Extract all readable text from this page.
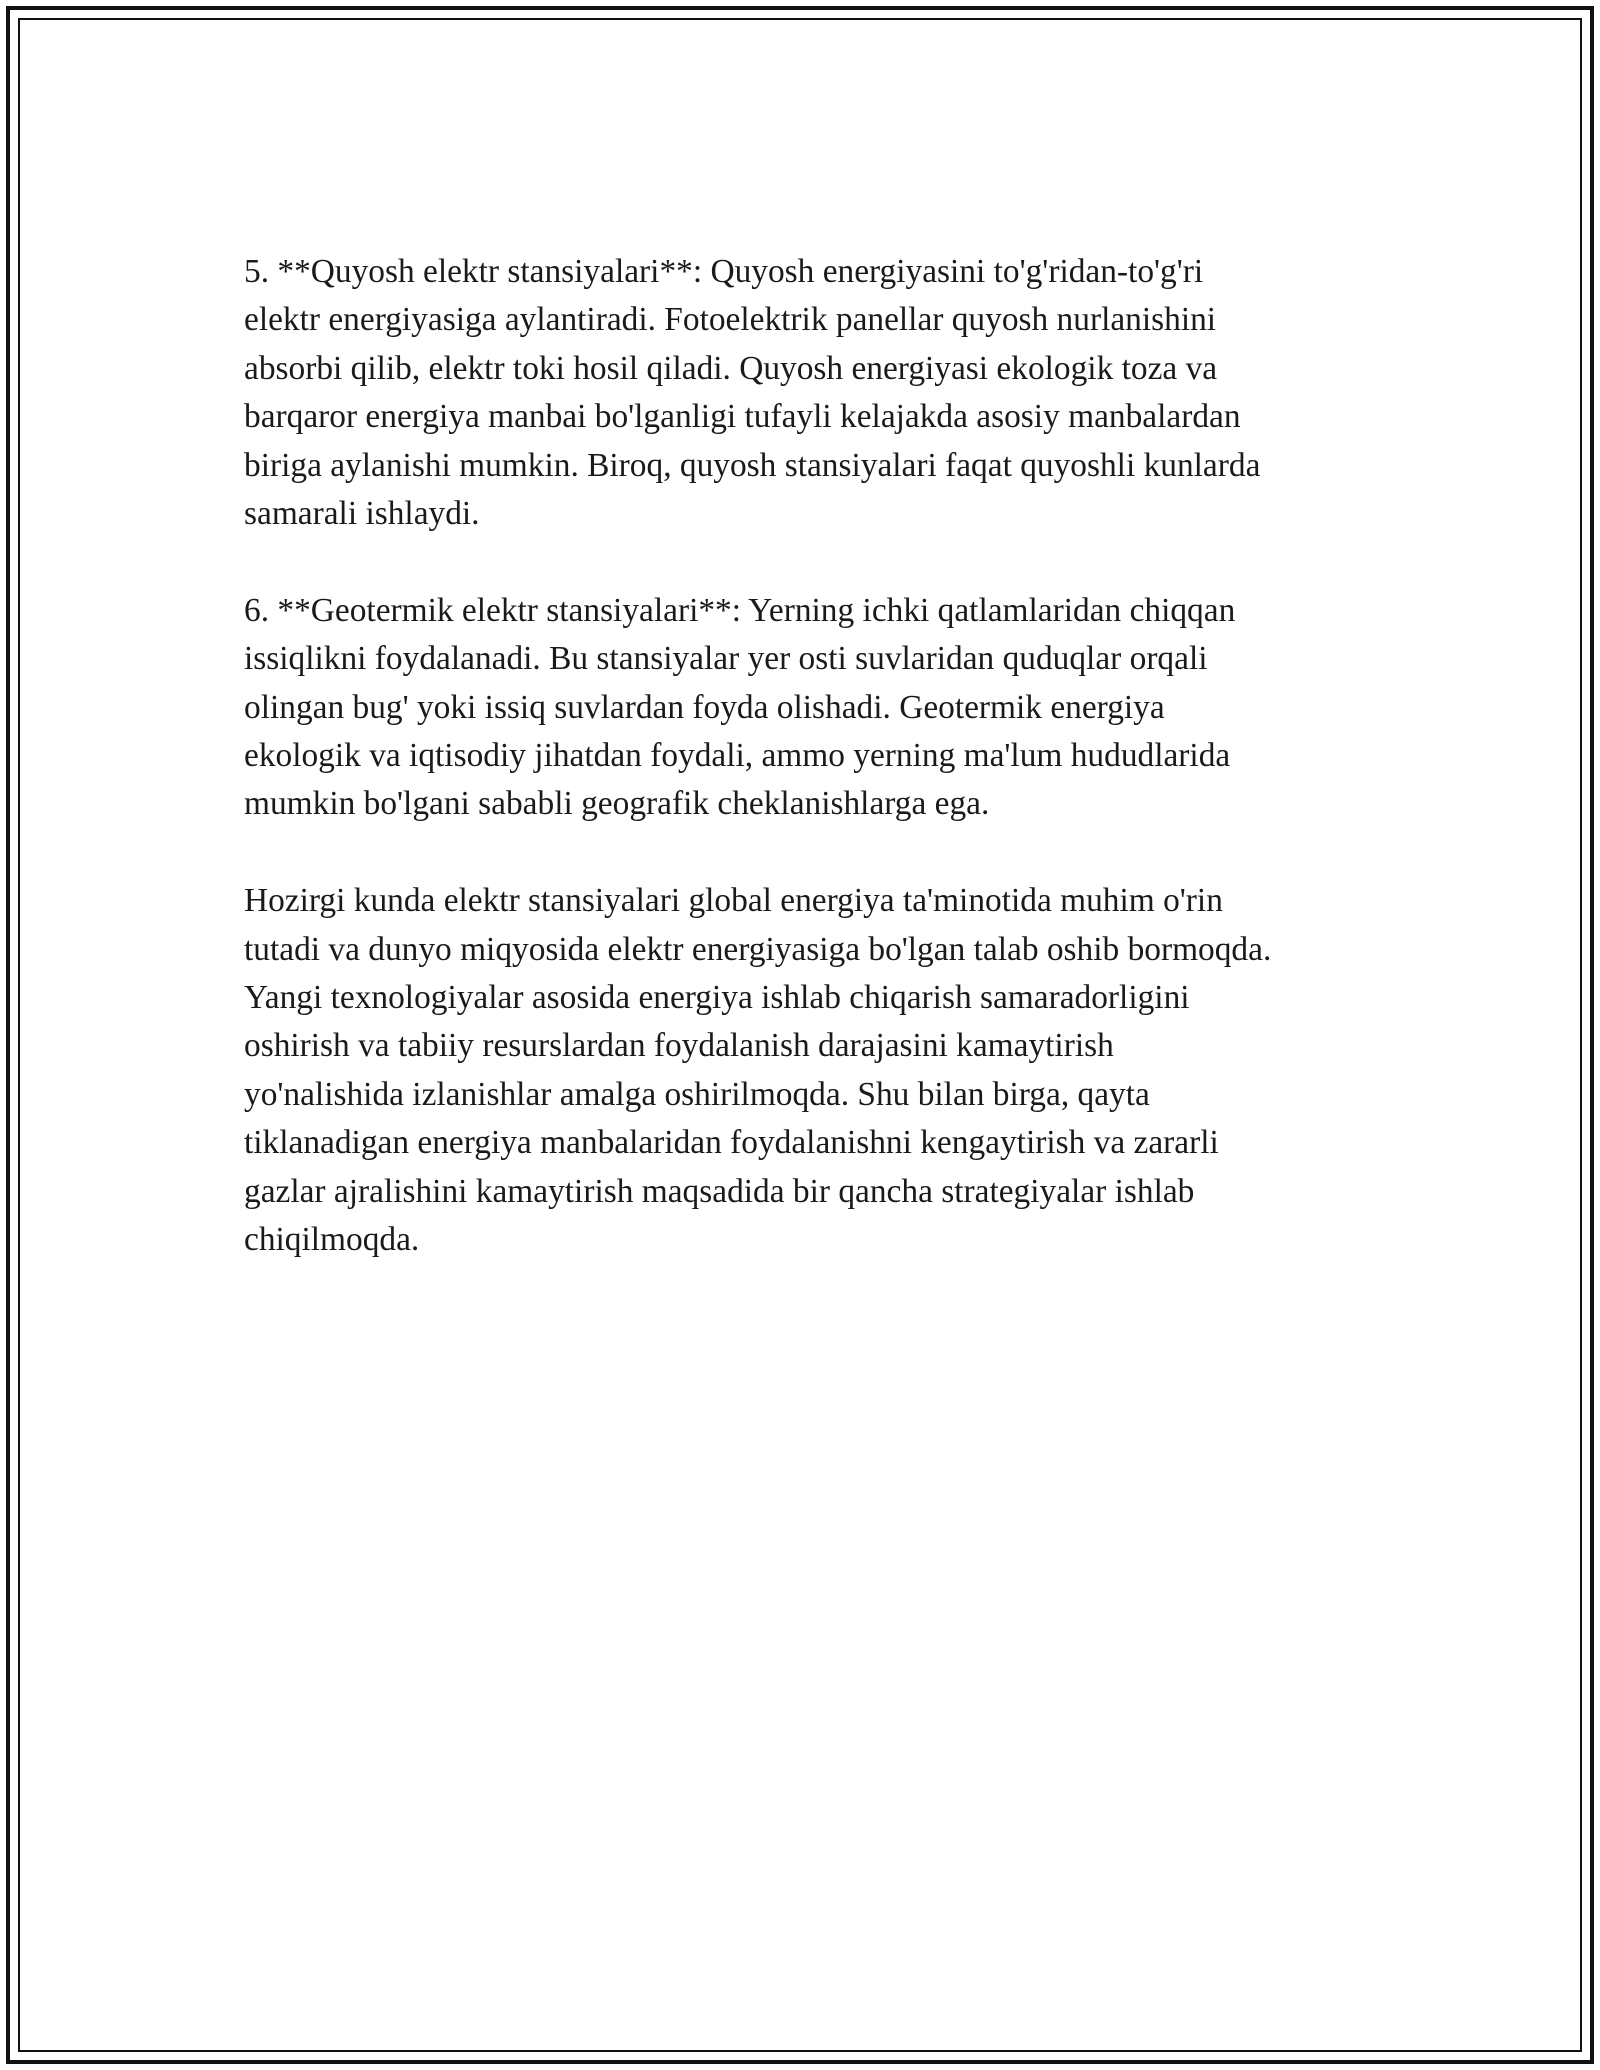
5. **Quyosh elektr stansiyalari**: Quyosh energiyasini to'g'ridan-to'g'ri
elektr energiyasiga aylantiradi. Fotoelektrik panellar quyosh nurlanishini
absorbi qilib, elektr toki hosil qiladi. Quyosh energiyasi ekologik toza va
barqaror energiya manbai bo'lganligi tufayli kelajakda asosiy manbalardan
biriga aylanishi mumkin. Biroq, quyosh stansiyalari faqat quyoshli kunlarda
samarali ishlaydi.

6. **Geotermik elektr stansiyalari**: Yerning ichki qatlamlaridan chiqqan
issiqlikni foydalanadi. Bu stansiyalar yer osti suvlaridan quduqlar orqali
olingan bug' yoki issiq suvlardan foyda olishadi. Geotermik energiya
ekologik va iqtisodiy jihatdan foydali, ammo yerning ma'lum hududlarida
mumkin bo'lgani sababli geografik cheklanishlarga ega.

Hozirgi kunda elektr stansiyalari global energiya ta'minotida muhim o'rin
tutadi va dunyo miqyosida elektr energiyasiga bo'lgan talab oshib bormoqda.
Yangi texnologiyalar asosida energiya ishlab chiqarish samaradorligini
oshirish va tabiiy resurslardan foydalanish darajasini kamaytirish
yo'nalishida izlanishlar amalga oshirilmoqda. Shu bilan birga, qayta
tiklanadigan energiya manbalaridan foydalanishni kengaytirish va zararli
gazlar ajralishini kamaytirish maqsadida bir qancha strategiyalar ishlab
chiqilmoqda.
